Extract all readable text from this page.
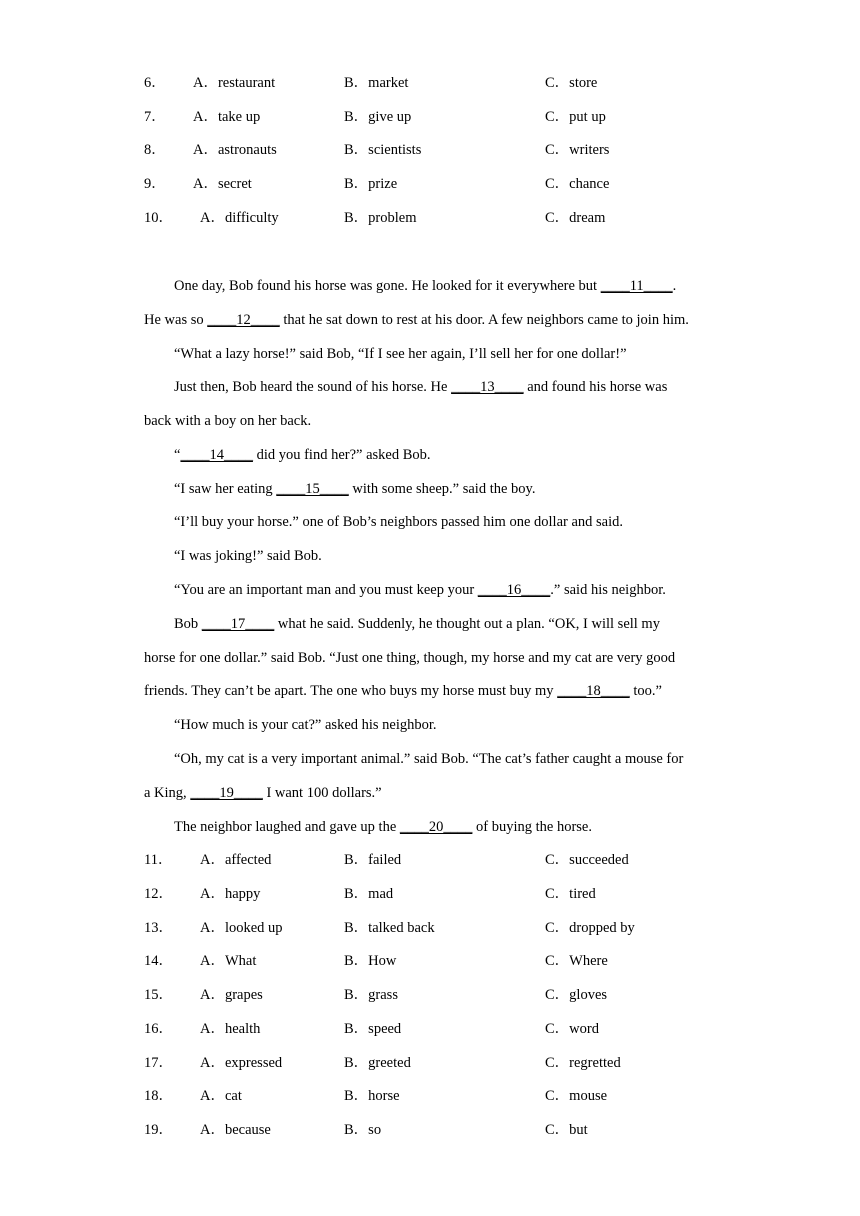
6． A．restaurant	B．market	C．store
7． A．take up	B．give up	C．put up
8． A．astronauts	B．scientists	C．writers
9． A．secret	B．prize	C．chance
10． A．difficulty	B．problem	C．dream
One day, Bob found his horse was gone. He looked for it everywhere but ____11____.
He was so ____12____ that he sat down to rest at his door. A few neighbors came to join him.
“What a lazy horse!” said Bob, “If I see her again, I’ll sell her for one dollar!”
Just then, Bob heard the sound of his horse. He ____13____ and found his horse was
back with a boy on her back.
“____14____ did you find her?” asked Bob.
“I saw her eating ____15____ with some sheep.” said the boy.
“I’ll buy your horse.” one of Bob’s neighbors passed him one dollar and said.
“I was joking!” said Bob.
“You are an important man and you must keep your ____16____.” said his neighbor.
Bob ____17____ what he said. Suddenly, he thought out a plan. “OK, I will sell my
horse for one dollar.” said Bob. “Just one thing, though, my horse and my cat are very good
friends. They can’t be apart. The one who buys my horse must buy my ____18____ too.”
“How much is your cat?” asked his neighbor.
“Oh, my cat is a very important animal.” said Bob. “The cat’s father caught a mouse for
a King, ____19____ I want 100 dollars.”
The neighbor laughed and gave up the ____20____ of buying the horse.
11． A．affected	B．failed	C．succeeded
12． A．happy	B．mad	C．tired
13． A．looked up	B．talked back	C．dropped by
14． A．What	B．How	C．Where
15． A．grapes	B．grass	C．gloves
16． A．health	B．speed	C．word
17． A．expressed	B．greeted	C．regretted
18． A．cat	B．horse	C．mouse
19． A．because	B．so	C．but
